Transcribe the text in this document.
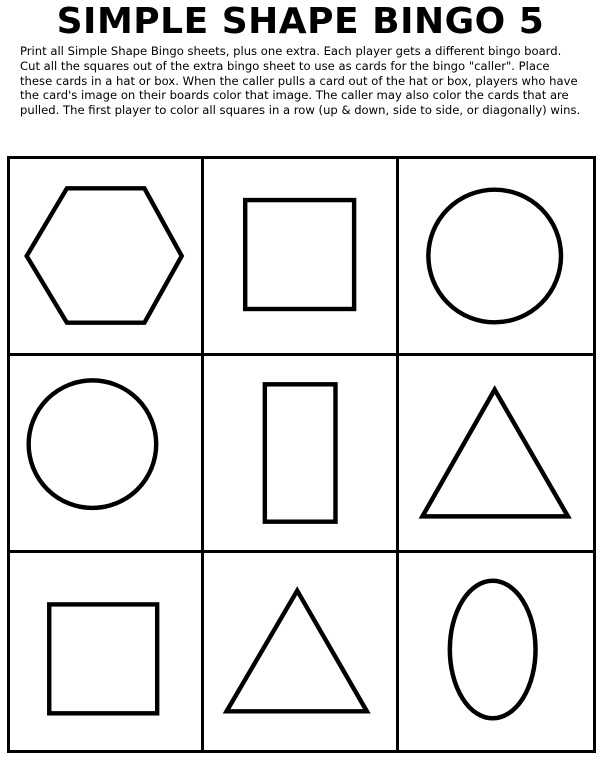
SIMPLE SHAPE BINGO 5

Print all Simple Shape Bingo sheets, plus one extra. Each player gets a different bingo board. Cut all the squares out of the extra bingo sheet to use as cards for the bingo "caller". Place these cards in a hat or box. When the caller pulls a card out of the hat or box, players who have the card's image on their boards color that image. The caller may also color the cards that are pulled. The first player to color all squares in a row (up & down, side to side, or diagonally) wins.
